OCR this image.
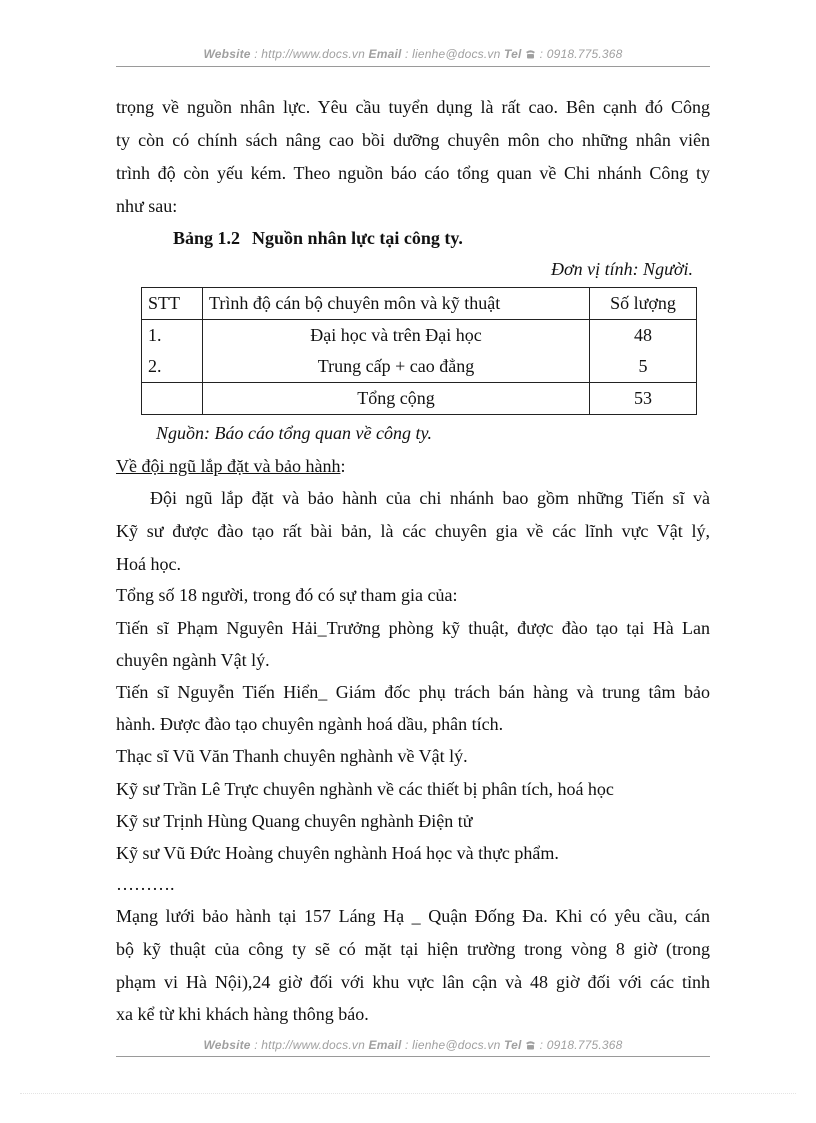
Website : http://www.docs.vn Email : lienhe@docs.vn Tel  : 0918.775.368
trọng về nguồn nhân lực. Yêu cầu tuyển dụng là rất cao. Bên cạnh đó Công
ty còn có chính sách nâng cao bồi dưỡng chuyên môn cho những nhân viên
trình độ còn yếu kém. Theo nguồn báo cáo tổng quan về Chi nhánh Công ty
như sau:
Bảng 1.2 Nguồn nhân lực tại công ty.
Đơn vị tính: Người.
STT	Trình độ cán bộ chuyên môn và kỹ thuật	Số lượng
1.	Đại học và trên Đại học	48
2.	Trung cấp + cao đẳng	5
	Tổng cộng	53
Nguồn: Báo cáo tổng quan về công ty.
Về đội ngũ lắp đặt và bảo hành:
Đội ngũ lắp đặt và bảo hành của chi nhánh bao gồm những Tiến sĩ và
Kỹ sư được đào tạo rất bài bản, là các chuyên gia về các lĩnh vực Vật lý,
Hoá học.
Tổng số 18 người, trong đó có sự tham gia của:
Tiến sĩ Phạm Nguyên Hải_Trưởng phòng kỹ thuật, được đào tạo tại Hà Lan
chuyên ngành Vật lý.
Tiến sĩ Nguyễn Tiến Hiển_ Giám đốc phụ trách bán hàng và trung tâm bảo
hành. Được đào tạo chuyên ngành hoá dầu, phân tích.
Thạc sĩ Vũ Văn Thanh chuyên nghành về Vật lý.
Kỹ sư Trần Lê Trực chuyên nghành về các thiết bị phân tích, hoá học
Kỹ sư Trịnh Hùng Quang chuyên nghành Điện tử
Kỹ sư Vũ Đức Hoàng chuyên nghành Hoá học và thực phẩm.
……….
Mạng lưới bảo hành tại 157 Láng Hạ _ Quận Đống Đa. Khi có yêu cầu, cán
bộ kỹ thuật của công ty sẽ có mặt tại hiện trường trong vòng 8 giờ (trong
phạm vi Hà Nội),24 giờ đối với khu vực lân cận và 48 giờ đối với các tỉnh
xa kể từ khi khách hàng thông báo.
Website : http://www.docs.vn Email : lienhe@docs.vn Tel  : 0918.775.368
